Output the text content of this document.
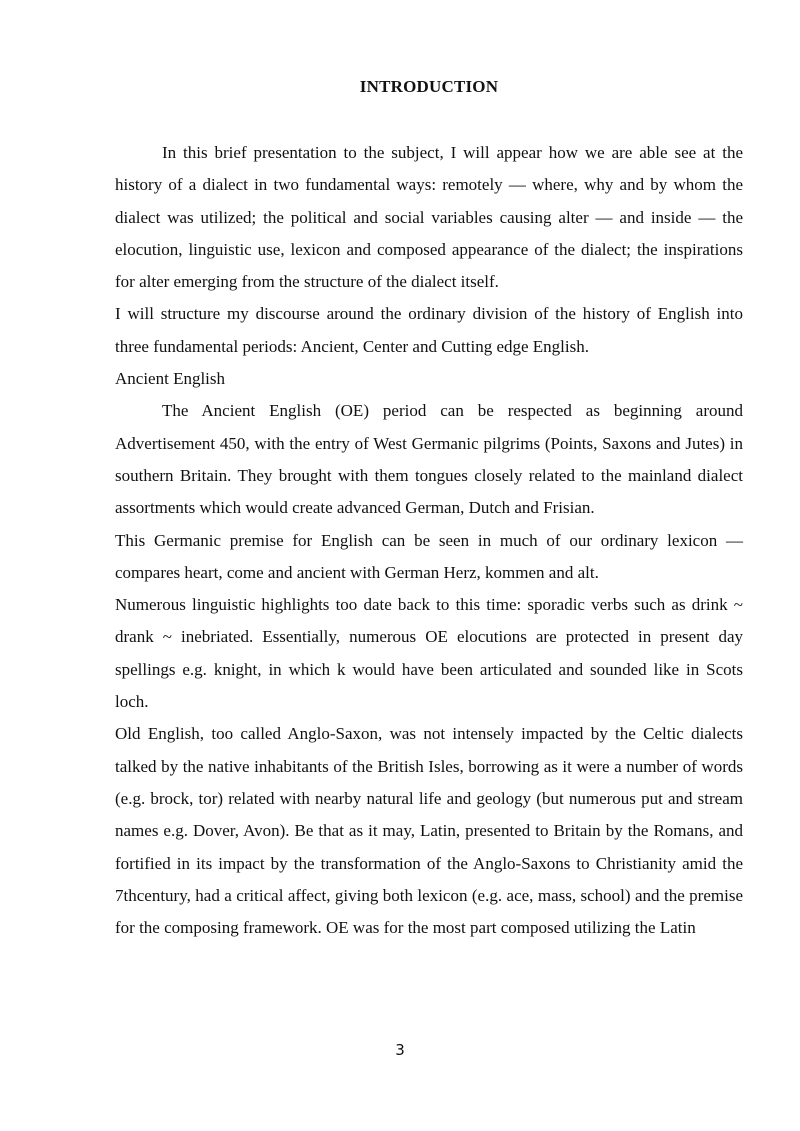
INTRODUCTION

In this brief presentation to the subject, I will appear how we are able see at the history of a dialect in two fundamental ways: remotely — where, why and by whom the dialect was utilized; the political and social variables causing alter — and inside — the elocution, linguistic use, lexicon and composed appearance of the dialect; the inspirations for alter emerging from the structure of the dialect itself.

I will structure my discourse around the ordinary division of the history of English into three fundamental periods: Ancient, Center and Cutting edge English.

Ancient English

The Ancient English (OE) period can be respected as beginning around Advertisement 450, with the entry of West Germanic pilgrims (Points, Saxons and Jutes) in southern Britain. They brought with them tongues closely related to the mainland dialect assortments which would create advanced German, Dutch and Frisian.

This Germanic premise for English can be seen in much of our ordinary lexicon — compares heart, come and ancient with German Herz, kommen and alt.

Numerous linguistic highlights too date back to this time: sporadic verbs such as drink ~ drank ~ inebriated. Essentially, numerous OE elocutions are protected in present day spellings e.g. knight, in which k would have been articulated and sounded like in Scots loch.

Old English, too called Anglo-Saxon, was not intensely impacted by the Celtic dialects talked by the native inhabitants of the British Isles, borrowing as it were a number of words (e.g. brock, tor) related with nearby natural life and geology (but numerous put and stream names e.g. Dover, Avon). Be that as it may, Latin, presented to Britain by the Romans, and fortified in its impact by the transformation of the Anglo-Saxons to Christianity amid the 7thcentury, had a critical affect, giving both lexicon (e.g. ace, mass, school) and the premise for the composing framework. OE was for the most part composed utilizing the Latin

3
